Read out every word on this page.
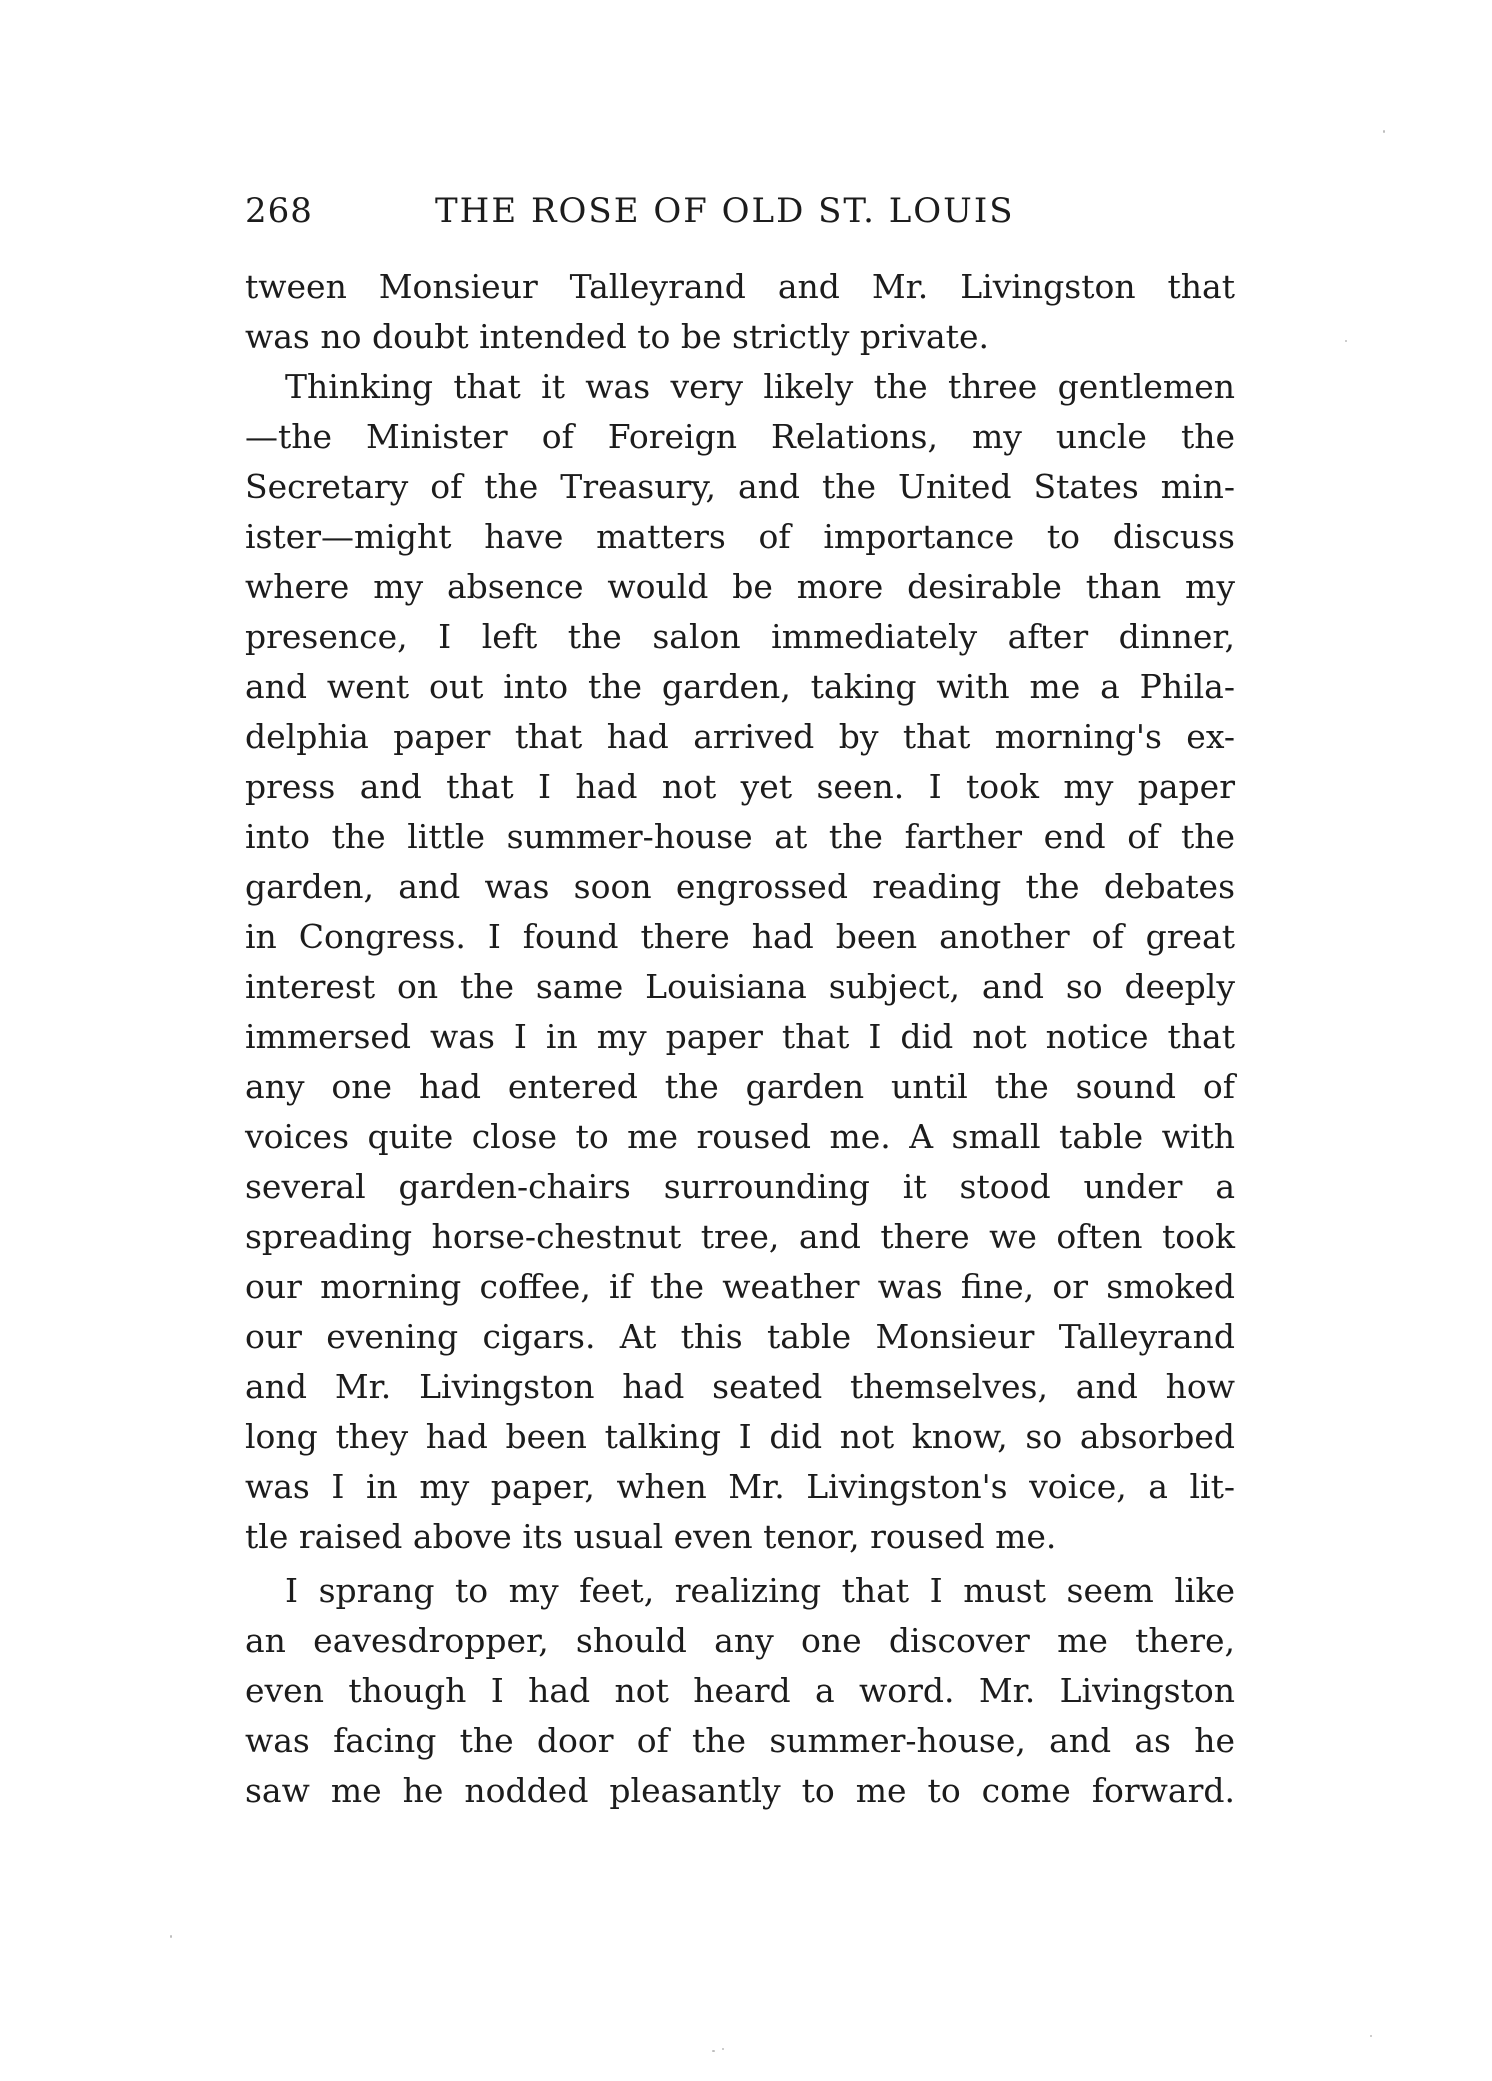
268	THE ROSE OF OLD ST. LOUIS
tween Monsieur Talleyrand and Mr. Livingston that
was no doubt intended to be strictly private.
Thinking that it was very likely the three gentlemen
—the Minister of Foreign Relations, my uncle the
Secretary of the Treasury, and the United States min-
ister—might have matters of importance to discuss
where my absence would be more desirable than my
presence, I left the salon immediately after dinner,
and went out into the garden, taking with me a Phila-
delphia paper that had arrived by that morning's ex-
press and that I had not yet seen. I took my paper
into the little summer-house at the farther end of the
garden, and was soon engrossed reading the debates
in Congress. I found there had been another of great
interest on the same Louisiana subject, and so deeply
immersed was I in my paper that I did not notice that
any one had entered the garden until the sound of
voices quite close to me roused me. A small table with
several garden-chairs surrounding it stood under a
spreading horse-chestnut tree, and there we often took
our morning coffee, if the weather was fine, or smoked
our evening cigars. At this table Monsieur Talleyrand
and Mr. Livingston had seated themselves, and how
long they had been talking I did not know, so absorbed
was I in my paper, when Mr. Livingston's voice, a lit-
tle raised above its usual even tenor, roused me.
I sprang to my feet, realizing that I must seem like
an eavesdropper, should any one discover me there,
even though I had not heard a word. Mr. Livingston
was facing the door of the summer-house, and as he
saw me he nodded pleasantly to me to come forward.
